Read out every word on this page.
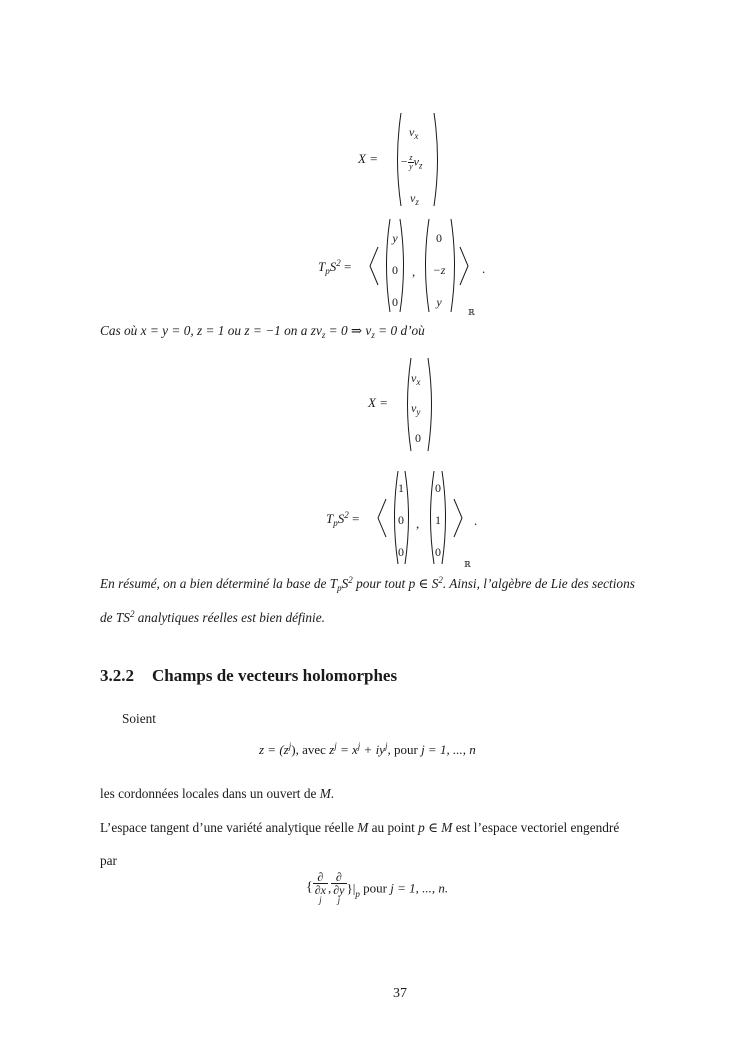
X =
$v_x$
− $\frac{z}{y} v_z$
$v_z$
$T_pS^2$ =
y
0
0
,
0
−z
y
ℝ
.
Cas où x = y = 0, z = 1 ou z = −1 on a $zv_z = 0$ ⇒ $v_z = 0$ d’où
X =
$v_x$
$v_y$
0
$T_pS^2$ =
1
0
0
,
0
1
0
ℝ
.
En résumé, on a bien déterminé la base de $T_pS^2$ pour tout p ∈ $S^2$. Ainsi, l’algèbre de Lie des sections
de $TS^2$ analytiques réelles est bien définie.
3.2.2 Champs de vecteurs holomorphes
Soient
$z = (z^j)$, avec $z^j = x^j + iy^j$, pour j = 1, ..., n
les cordonnées locales dans un ouvert de M.
L’espace tangent d’une variété analytique réelle M au point p ∈ M est l’espace vectoriel engendré
par
{ ∂
∂x
j , ∂
∂y
j }$|_p$ pour j = 1, ..., n.
37
